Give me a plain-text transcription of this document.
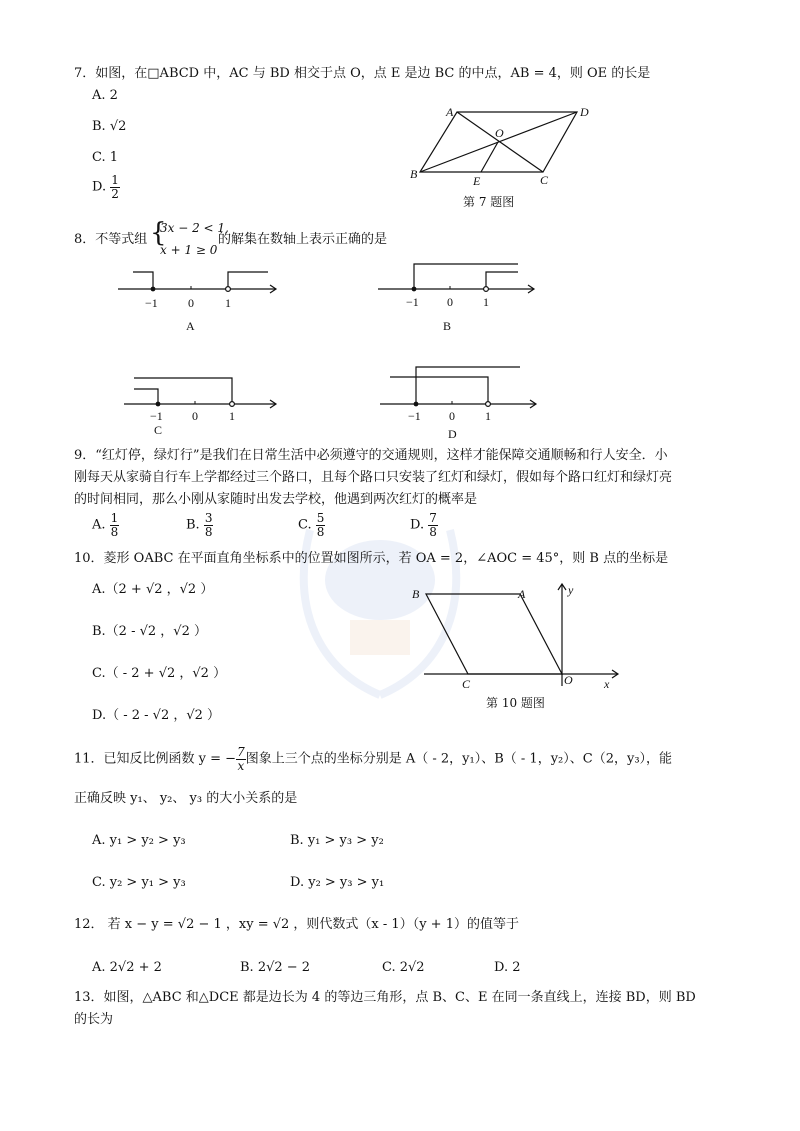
7．如图，在□ABCD 中，AC 与 BD 相交于点 O，点 E 是边 BC 的中点，AB = 4，则 OE 的长是
A. 2
B. √2
C. 1
D. $\frac{1}{2}$
A	D
B	C
O
E
第 7 题图
8．不等式组 {
3x − 2 < 1,
x + 1 ≥ 0
的解集在数轴上表示正确的是
−1	0	1
A
−1 0	1
B
−1 0	1
C
−1 0	1
D
9．“红灯停，绿灯行”是我们在日常生活中必须遵守的交通规则，这样才能保障交通顺畅和行人安全．小
刚每天从家骑自行车上学都经过三个路口，且每个路口只安装了红灯和绿灯，假如每个路口红灯和绿灯亮
的时间相同，那么小刚从家随时出发去学校，他遇到两次红灯的概率是
A. $\frac{1}{8}$	B. $\frac{3}{8}$	C. $\frac{5}{8}$	D. $\frac{7}{8}$
10．菱形 OABC 在平面直角坐标系中的位置如图所示，若 OA = 2，∠AOC = 45°，则 B 点的坐标是
A.（2 + √2 ，√2 ）
B.（2 - √2 ，√2 ）
C.（ - 2 + √2 ，√2 ）
D.（ - 2 - √2 ，√2 ）
B	A
C	O	x
y
第 10 题图
11．已知反比例函数 y = − $\frac{7}{x}$ 图象上三个点的坐标分别是 A（ - 2，y₁）、B（ - 1，y₂）、C（2，y₃），能
正确反映 y₁、 y₂、 y₃ 的大小关系的是
A. y₁ > y₂ > y₃	B. y₁ > y₃ > y₂
C. y₂ > y₁ > y₃	D. y₂ > y₃ > y₁
12． 若 x − y = √2 − 1 ，xy = √2 ，则代数式（x - 1）（y + 1）的值等于
A. 2√2 + 2	B. 2√2 − 2	C. 2√2	D. 2
13．如图，△ABC 和△DCE 都是边长为 4 的等边三角形，点 B、C、E 在同一条直线上，连接 BD，则 BD
的长为
